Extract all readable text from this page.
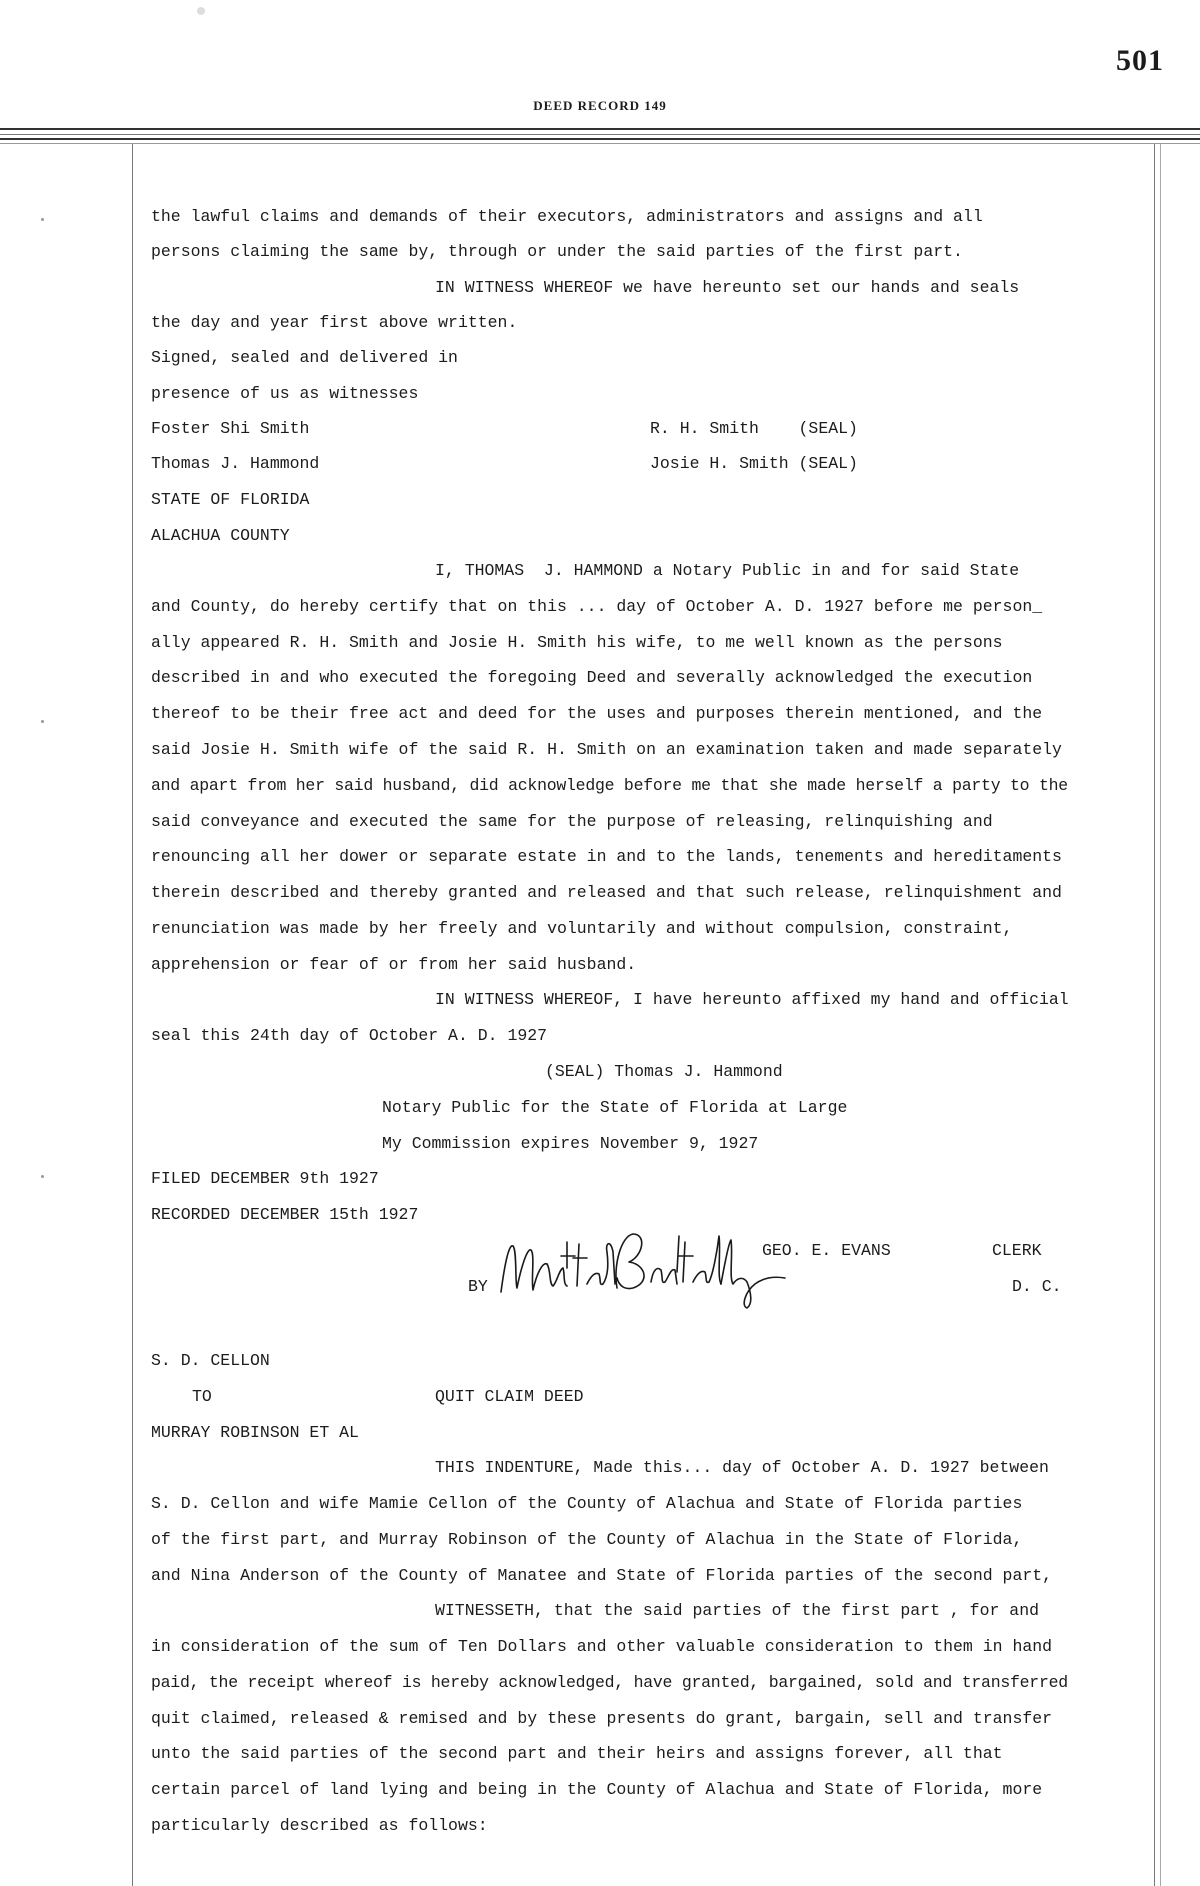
501
DEED RECORD 149
the lawful claims and demands of their executors, administrators and assigns and all
persons claiming the same by, through or under the said parties of the first part.
IN WITNESS WHEREOF we have hereunto set our hands and seals
the day and year first above written.
Signed, sealed and delivered in
presence of us as witnesses
Foster Shi Smith	R. H. Smith    (SEAL)
Thomas J. Hammond	Josie H. Smith (SEAL)
STATE OF FLORIDA
ALACHUA COUNTY
I, THOMAS  J. HAMMOND a Notary Public in and for said State
and County, do hereby certify that on this ... day of October A. D. 1927 before me person_
ally appeared R. H. Smith and Josie H. Smith his wife, to me well known as the persons
described in and who executed the foregoing Deed and severally acknowledged the execution
thereof to be their free act and deed for the uses and purposes therein mentioned, and the
said Josie H. Smith wife of the said R. H. Smith on an examination taken and made separately
and apart from her said husband, did acknowledge before me that she made herself a party to the
said conveyance and executed the same for the purpose of releasing, relinquishing and
renouncing all her dower or separate estate in and to the lands, tenements and hereditaments
therein described and thereby granted and released and that such release, relinquishment and
renunciation was made by her freely and voluntarily and without compulsion, constraint,
apprehension or fear of or from her said husband.
IN WITNESS WHEREOF, I have hereunto affixed my hand and official
seal this 24th day of October A. D. 1927
(SEAL) Thomas J. Hammond
Notary Public for the State of Florida at Large
My Commission expires November 9, 1927
FILED DECEMBER 9th 1927
RECORDED DECEMBER 15th 1927
GEO. E. EVANS	CLERK
BY	D. C.
S. D. CELLON
TO	QUIT CLAIM DEED
MURRAY ROBINSON ET AL
THIS INDENTURE, Made this... day of October A. D. 1927 between
S. D. Cellon and wife Mamie Cellon of the County of Alachua and State of Florida parties
of the first part, and Murray Robinson of the County of Alachua in the State of Florida,
and Nina Anderson of the County of Manatee and State of Florida parties of the second part,
WITNESSETH, that the said parties of the first part , for and
in consideration of the sum of Ten Dollars and other valuable consideration to them in hand
paid, the receipt whereof is hereby acknowledged, have granted, bargained, sold and transferred
quit claimed, released & remised and by these presents do grant, bargain, sell and transfer
unto the said parties of the second part and their heirs and assigns forever, all that
certain parcel of land lying and being in the County of Alachua and State of Florida, more
particularly described as follows:
